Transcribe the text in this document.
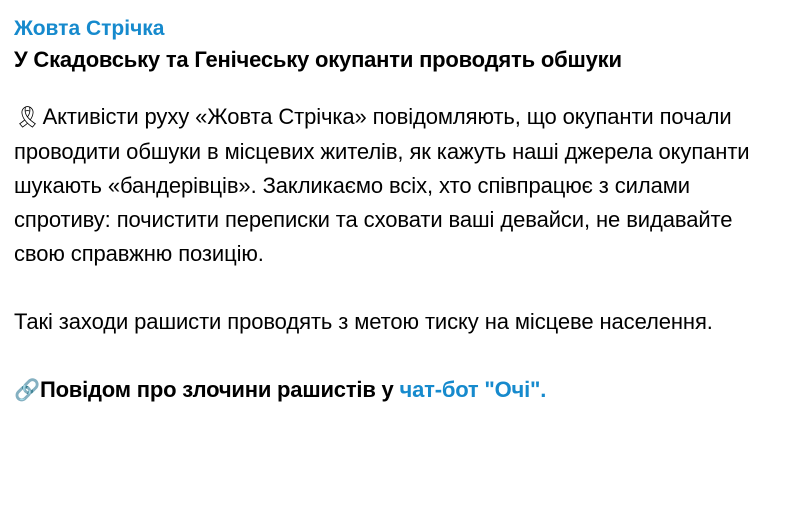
Жовта Стрічка
У Скадовську та Генічеську окупанти проводять обшуки
🎗Активісти руху «Жовта Стрічка» повідомляють, що окупанти почали проводити обшуки в місцевих жителів, як кажуть наші джерела окупанти шукають «бандерівців». Закликаємо всіх, хто співпрацює з силами спротиву: почистити переписки та сховати ваші девайси, не видавайте свою справжню позицію.
Такі заходи рашисти проводять з метою тиску на місцеве населення.
🔗Повідом про злочини рашистів у чат-бот "Очі".
